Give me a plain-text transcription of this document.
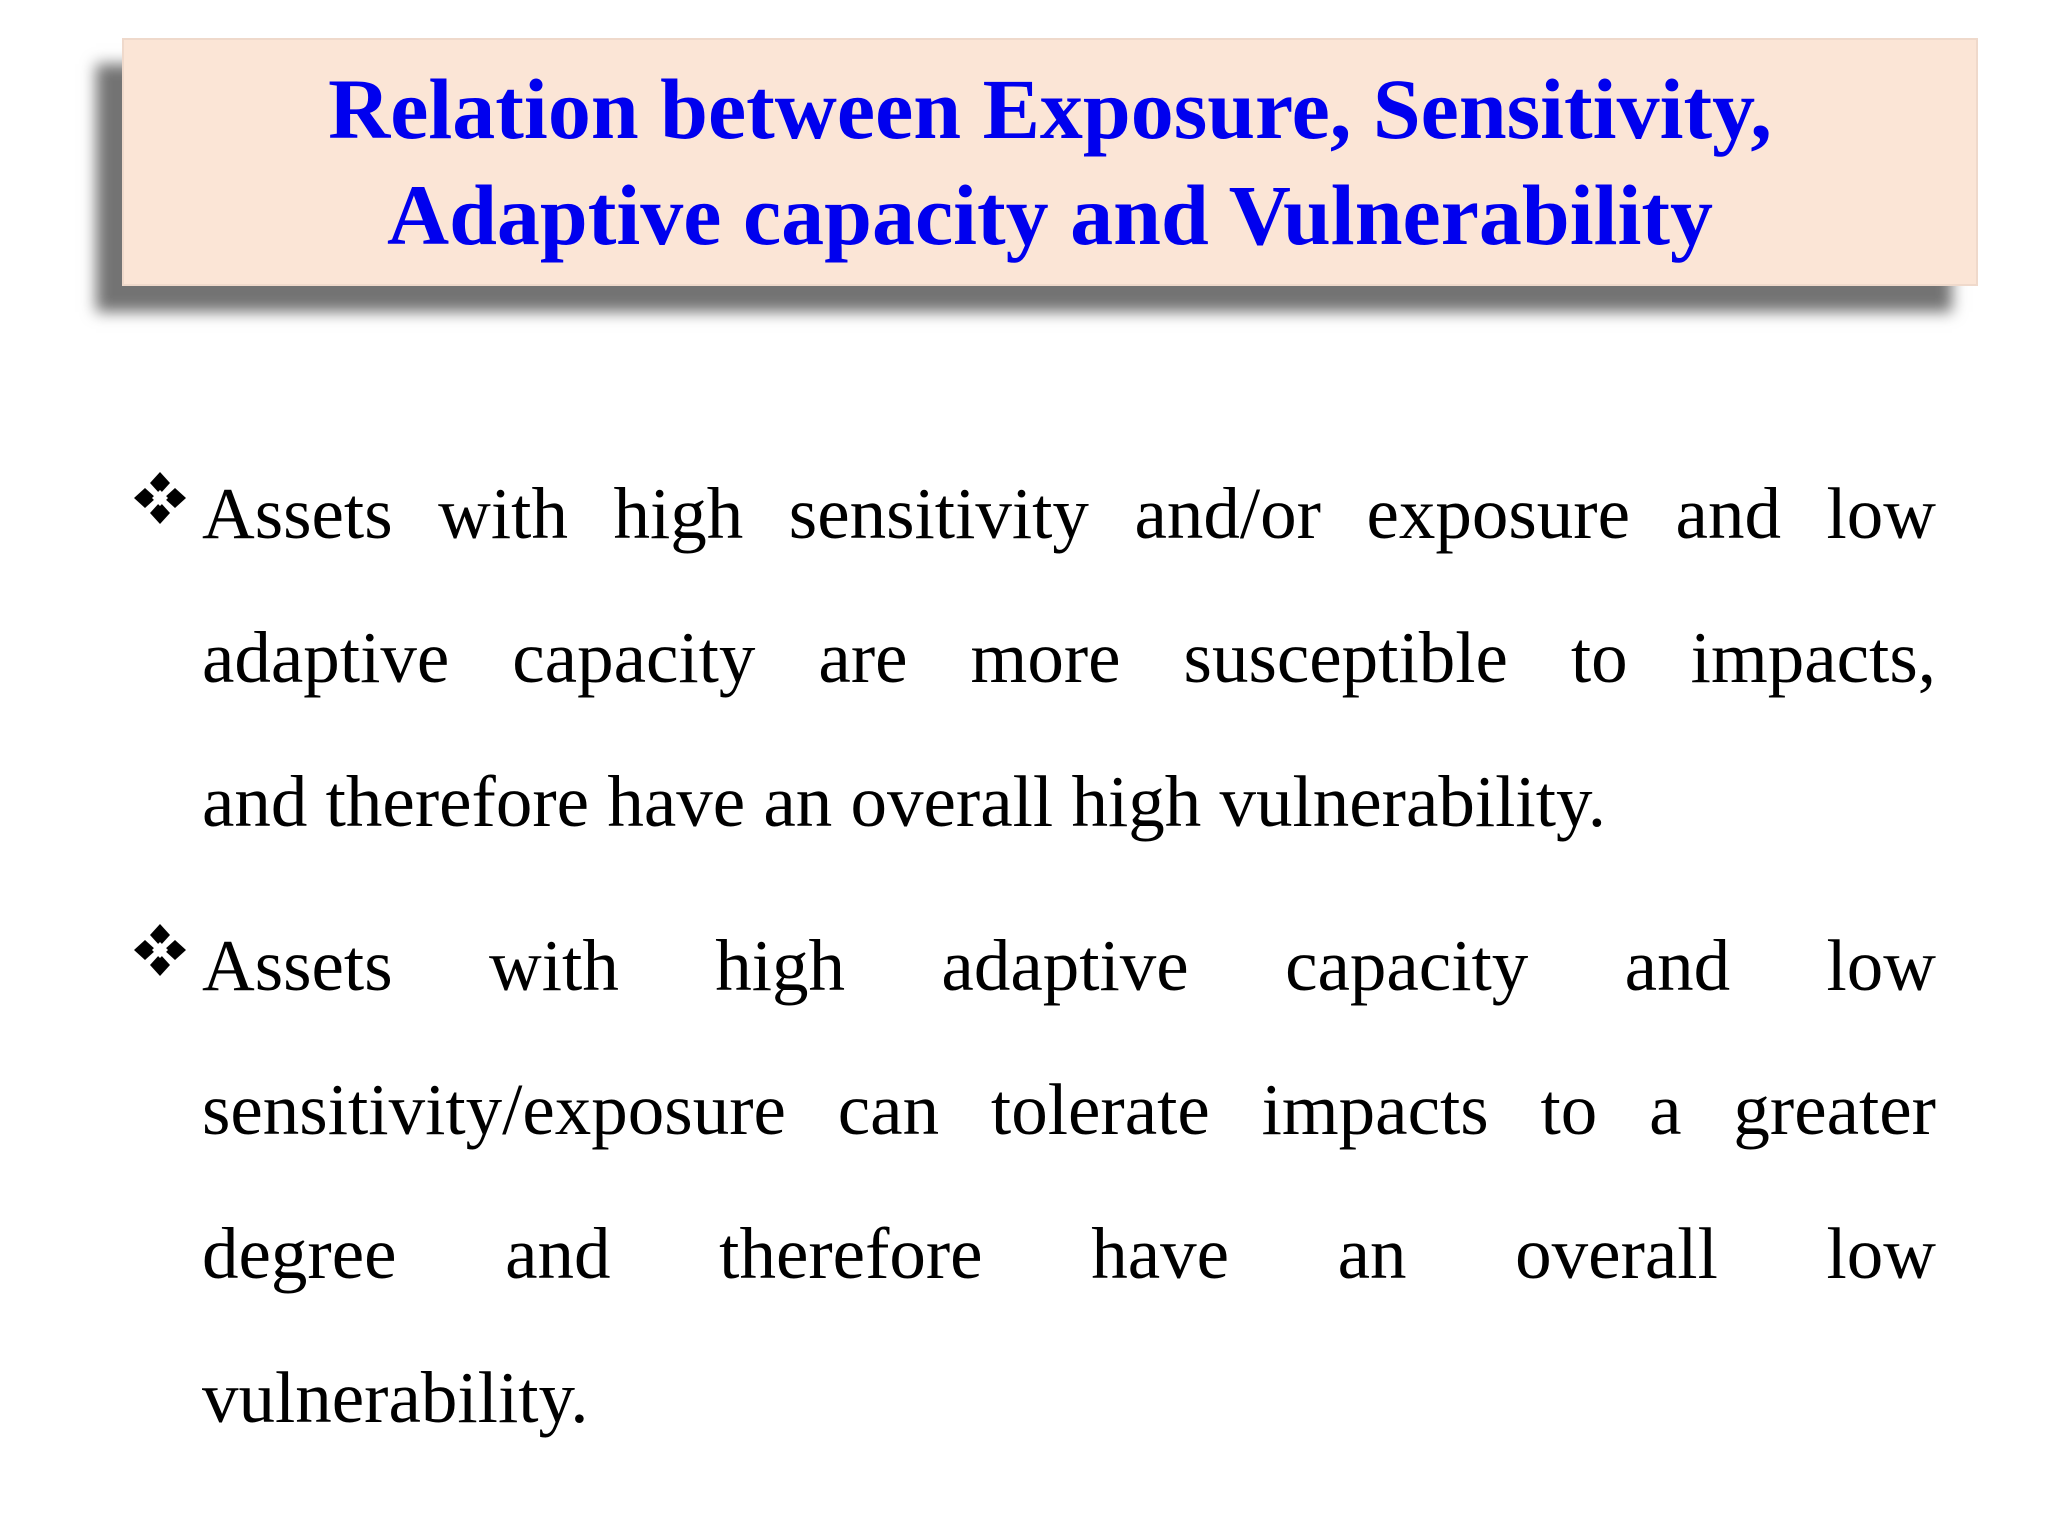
Relation between Exposure, Sensitivity,
Adaptive capacity and Vulnerability
Assets with high sensitivity and/or exposure and low
adaptive capacity are more susceptible to impacts,
and therefore have an overall high vulnerability.
Assets with high adaptive capacity and low
sensitivity/exposure can tolerate impacts to a greater
degree and therefore have an overall low
vulnerability.
